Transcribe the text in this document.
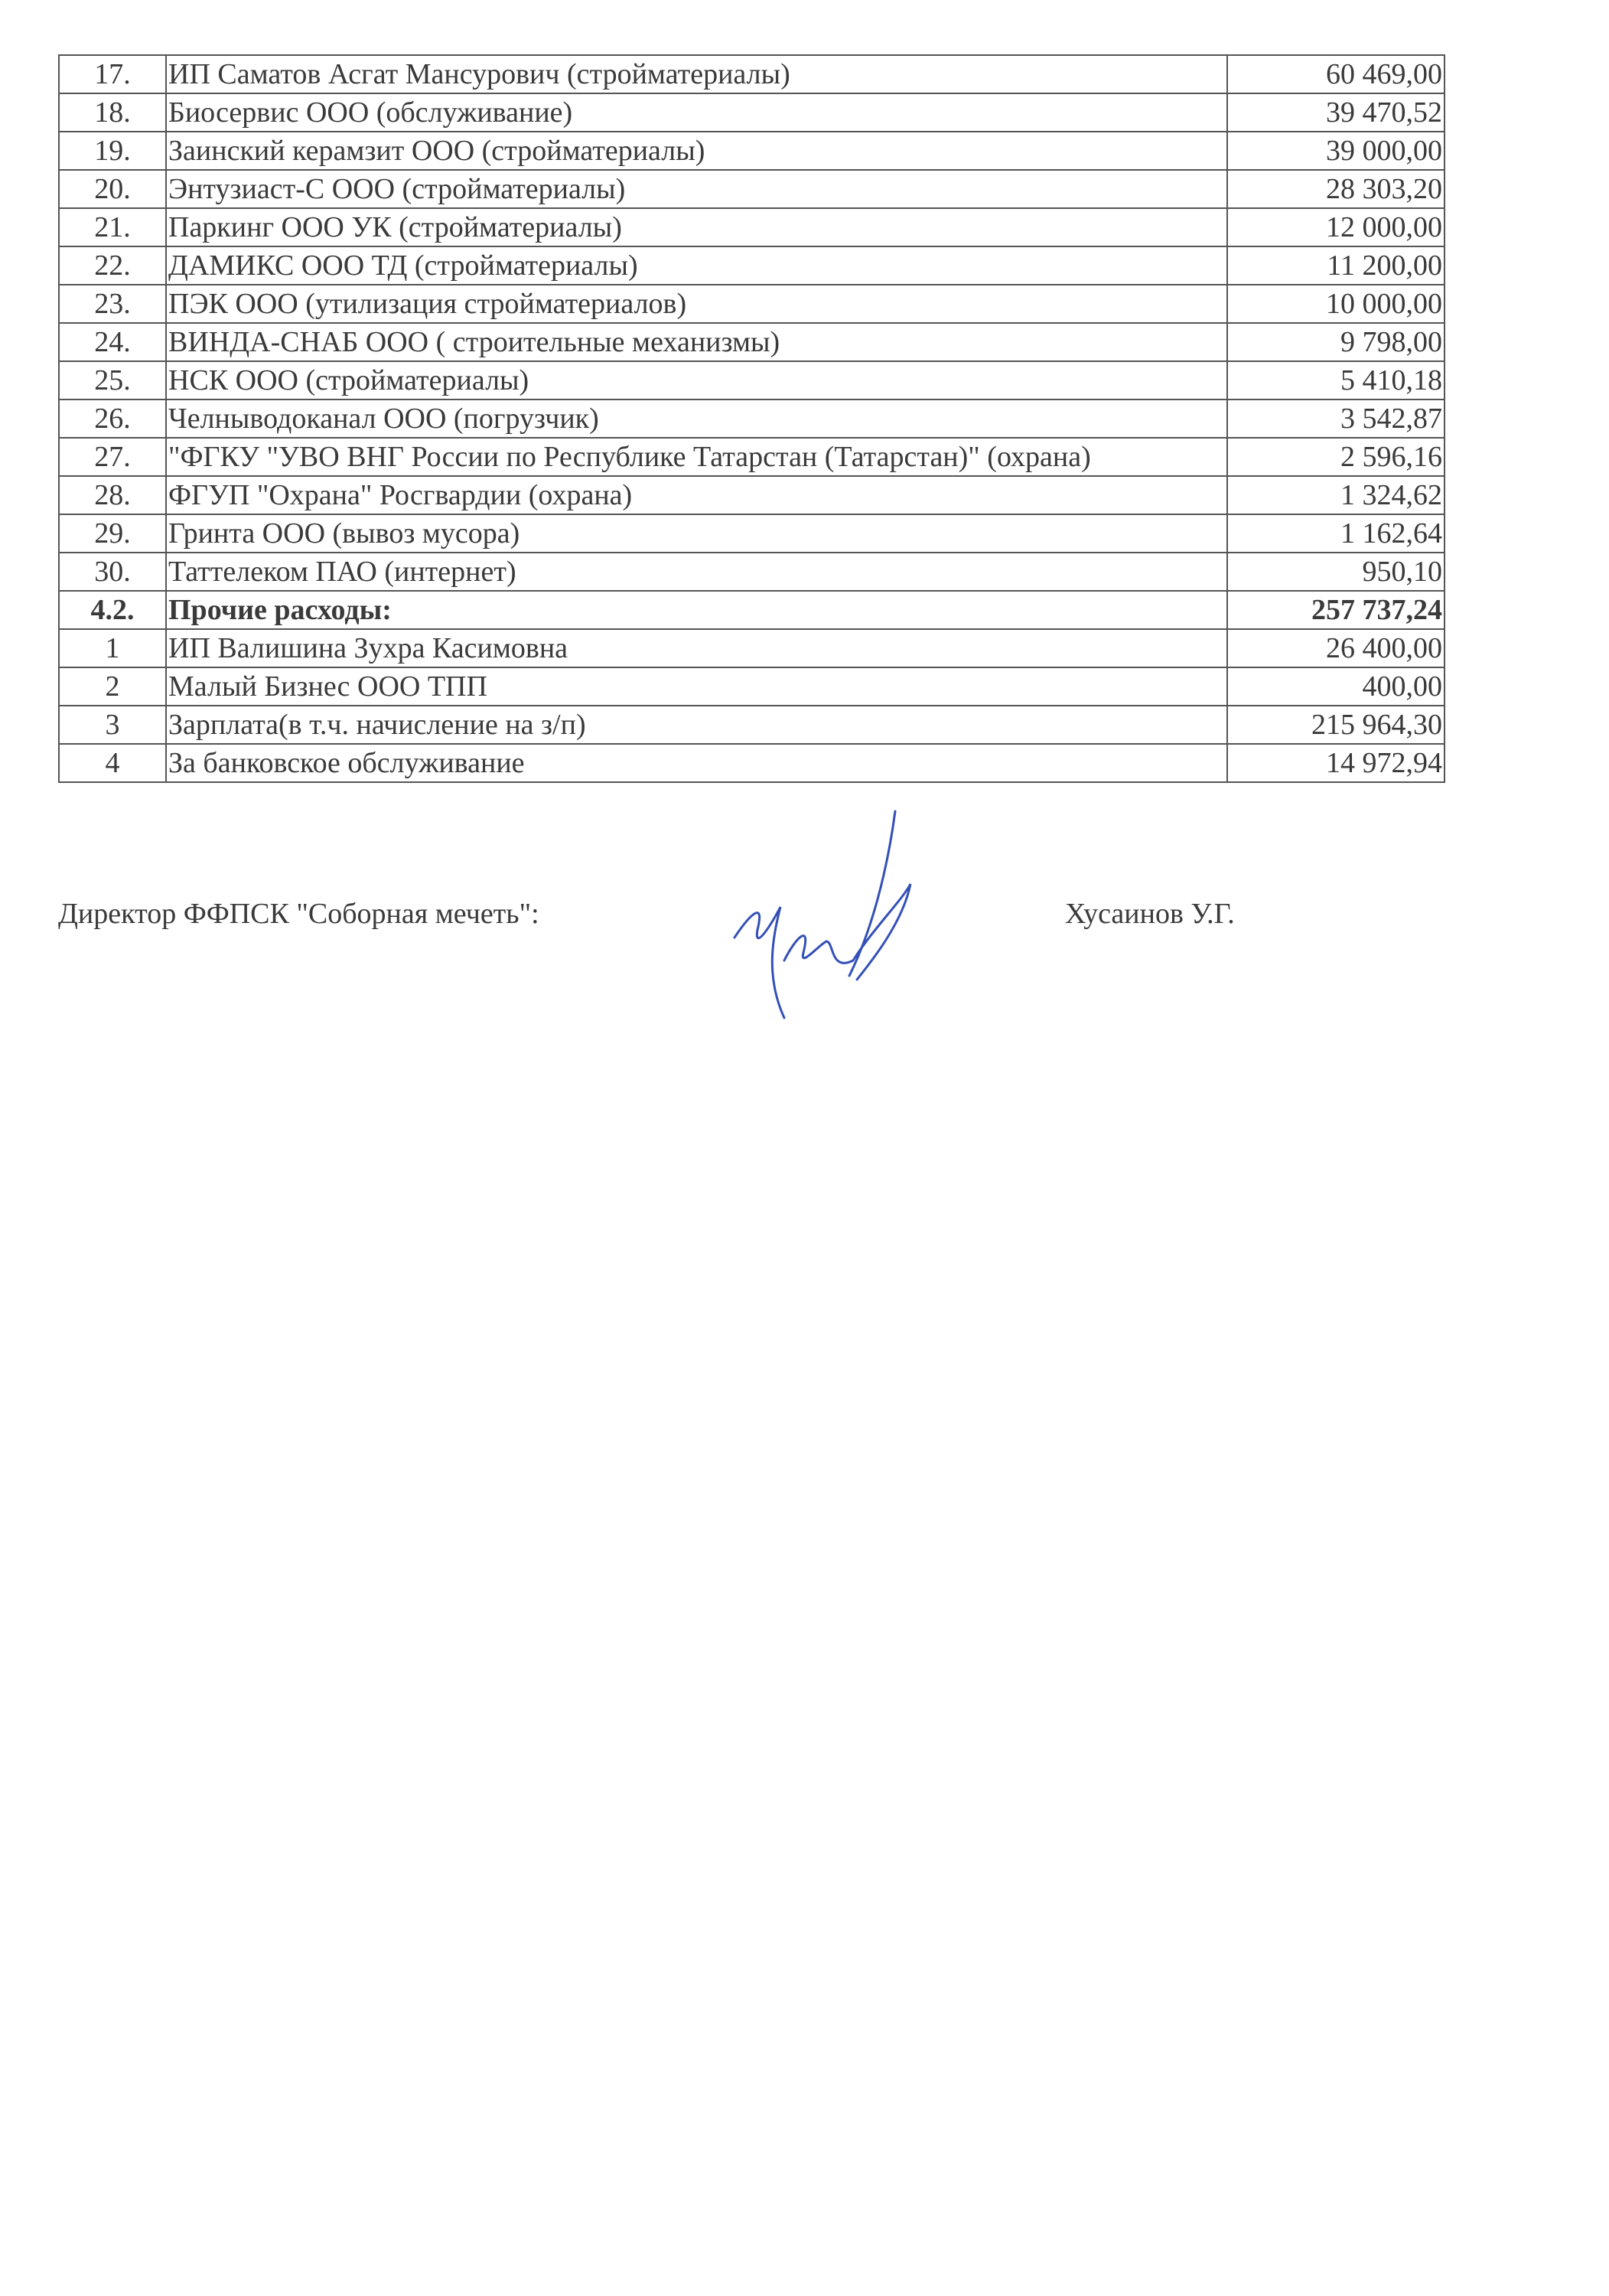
17.	ИП Саматов Асгат Мансурович (стройматериалы)	60 469,00
18.	Биосервис ООО (обслуживание)	39 470,52
19.	Заинский керамзит ООО (стройматериалы)	39 000,00
20.	Энтузиаст-С ООО (стройматериалы)	28 303,20
21.	Паркинг ООО УК (стройматериалы)	12 000,00
22.	ДАМИКС ООО ТД (стройматериалы)	11 200,00
23.	ПЭК ООО (утилизация стройматериалов)	10 000,00
24.	ВИНДА-СНАБ ООО ( строительные механизмы)	9 798,00
25.	НСК ООО (стройматериалы)	5 410,18
26.	Челныводоканал ООО (погрузчик)	3 542,87
27.	"ФГКУ "УВО ВНГ России по Республике Татарстан (Татарстан)" (охрана)	2 596,16
28.	ФГУП "Охрана" Росгвардии (охрана)	1 324,62
29.	Гринта ООО (вывоз мусора)	1 162,64
30.	Таттелеком ПАО (интернет)	950,10
4.2.	Прочие расходы:	257 737,24
1	ИП Валишина Зухра Касимовна	26 400,00
2	Малый Бизнес ООО ТПП	400,00
3	Зарплата(в т.ч. начисление на з/п)	215 964,30
4	За банковское обслуживание	14 972,94
Директор ФФПСК "Соборная мечеть":	Хусаинов У.Г.
